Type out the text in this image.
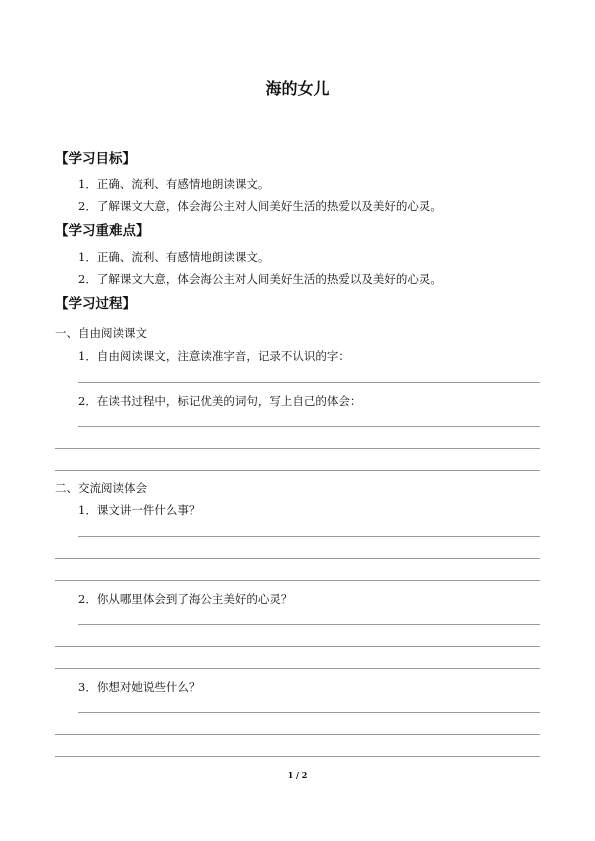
海的女儿
【学习目标】
1．正确、流利、有感情地朗读课文。
2．了解课文大意，体会海公主对人间美好生活的热爱以及美好的心灵。
【学习重难点】
1．正确、流利、有感情地朗读课文。
2．了解课文大意，体会海公主对人间美好生活的热爱以及美好的心灵。
【学习过程】
一、自由阅读课文
1．自由阅读课文，注意读准字音，记录不认识的字：
2．在读书过程中，标记优美的词句，写上自己的体会：
二、交流阅读体会
1．课文讲一件什么事？
2．你从哪里体会到了海公主美好的心灵？
3．你想对她说些什么？
1 / 2
